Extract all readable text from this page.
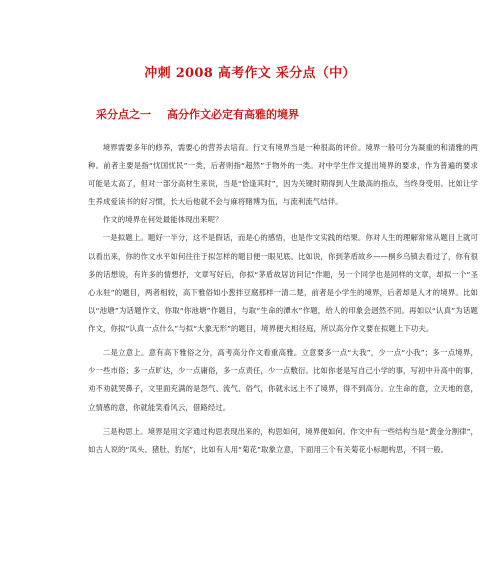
冲刺 2008 高考作文 采分点（中）
采分点之一 高分作文必定有高雅的境界

境界需要多年的修养，需要心的营养去培育。行文有境界当是一种很高的评价。境界一般可分为凝重的和清雅的两种。前者主要是指“忧国忧民”一类，后者则指“超然”于物外的一类。对中学生作文提出境界的要求，作为普遍的要求可能是太高了，但对一部分高材生来说，当是“恰逢其时”，因为关键时期得到人生最高的指点，当终身受用。比如让学生养成爱读书的好习惯，长大后他就不会与麻将赌博为伍，与流利流气结伴。

作文的境界在何处最能体现出来呢？

一是拟题上。题好一半分，这不是假话，而是心的感悟，也是作文实践的结果。你对人生的理解常常从题目上就可以看出来，你的作文水平如何往往于拟怎样的题目便一眼见底。比如说，你到茅盾故乡——桐乡乌镇去看过了，你有很多的话想说，有许多的情想抒，文章写好后，你拟“茅盾故居访问记”作题，另一个同学也是同样的文章，却拟一个“圣心永驻”的题目，两者相较，高下雅俗如小葱拌豆腐那样一清二楚，前者是小学生的境界，后者却是人才的境界。比如以“池塘”为话题作文，你取“你池塘”作题目，与取“生命的潭水”作题，给人的印象会迥然不同。再如以“认真”为话题作文，你拟“认真一点什么”与拟“大象无形”的题目，境界便大相径庭，所以高分作文要在拟题上下功夫。

二是立意上。意有高下雅俗之分，高考高分作文看重高雅。立意要多一点“大我”，少一点“小我”；多一点境界，少一些市俗；多一点旷达，少一点庸俗，多一点责任，少一点敷衍。比如你老是写自己小学的事，写初中升高中的事，劝不劝就哭鼻子，文里面充满的是怨气、流气、俗气，你就永远上不了境界，得不到高分。立生命的意，立天地的意，立情感的意，你就能笑看风云，借路经过。

三是构思上。境界是用文字通过构思表现出来的，构思如何，境界便如何。作文中有一些结构当是“黄金分割律”，如古人说的“凤头、猪肚、豹尾”，比如有人用“菊花”取象立意，下面用三个有关菊花小标题构思，不同一般。
